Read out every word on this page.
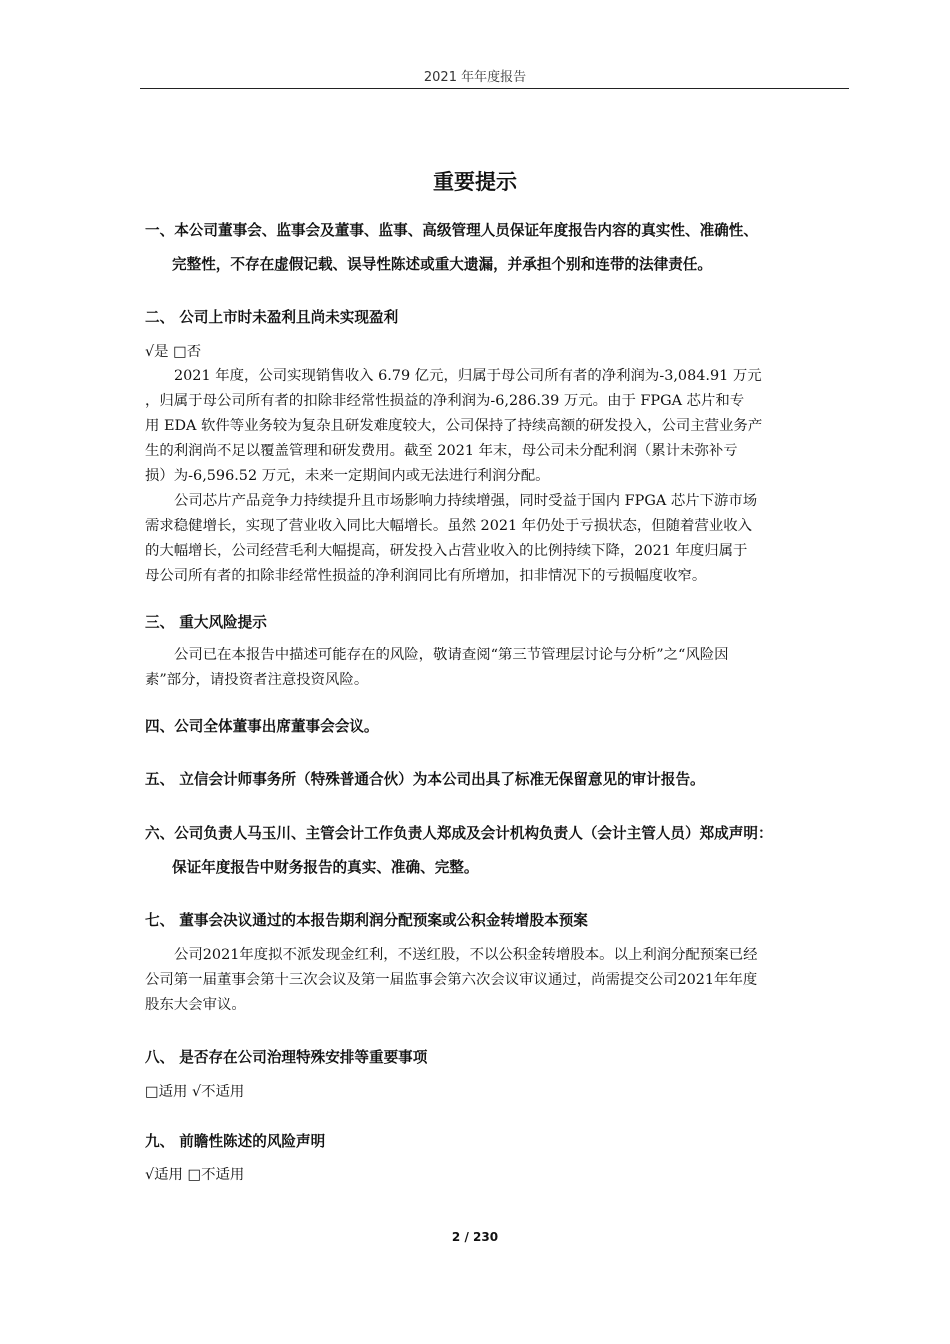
2021 年年度报告
重要提示
一、本公司董事会、监事会及董事、监事、高级管理人员保证年度报告内容的真实性、准确性、
完整性，不存在虚假记载、误导性陈述或重大遗漏，并承担个别和连带的法律责任。
二、 公司上市时未盈利且尚未实现盈利
√是 □否
2021 年度，公司实现销售收入 6.79 亿元，归属于母公司所有者的净利润为-3,084.91 万元
，归属于母公司所有者的扣除非经常性损益的净利润为-6,286.39 万元。由于 FPGA 芯片和专
用 EDA 软件等业务较为复杂且研发难度较大，公司保持了持续高额的研发投入，公司主营业务产
生的利润尚不足以覆盖管理和研发费用。截至 2021 年末，母公司未分配利润（累计未弥补亏
损）为-6,596.52 万元，未来一定期间内或无法进行利润分配。
公司芯片产品竞争力持续提升且市场影响力持续增强，同时受益于国内 FPGA 芯片下游市场
需求稳健增长，实现了营业收入同比大幅增长。虽然 2021 年仍处于亏损状态，但随着营业收入
的大幅增长，公司经营毛利大幅提高，研发投入占营业收入的比例持续下降，2021 年度归属于
母公司所有者的扣除非经常性损益的净利润同比有所增加，扣非情况下的亏损幅度收窄。
三、 重大风险提示
公司已在本报告中描述可能存在的风险，敬请查阅“第三节管理层讨论与分析”之“风险因
素”部分，请投资者注意投资风险。
四、公司全体董事出席董事会会议。
五、 立信会计师事务所（特殊普通合伙）为本公司出具了标准无保留意见的审计报告。
六、公司负责人马玉川、主管会计工作负责人郑成及会计机构负责人（会计主管人员）郑成声明：
保证年度报告中财务报告的真实、准确、完整。
七、 董事会决议通过的本报告期利润分配预案或公积金转增股本预案
公司2021年度拟不派发现金红利，不送红股，不以公积金转增股本。以上利润分配预案已经
公司第一届董事会第十三次会议及第一届监事会第六次会议审议通过，尚需提交公司2021年年度
股东大会审议。
八、 是否存在公司治理特殊安排等重要事项
□适用 √不适用
九、 前瞻性陈述的风险声明
√适用 □不适用
2 / 230
